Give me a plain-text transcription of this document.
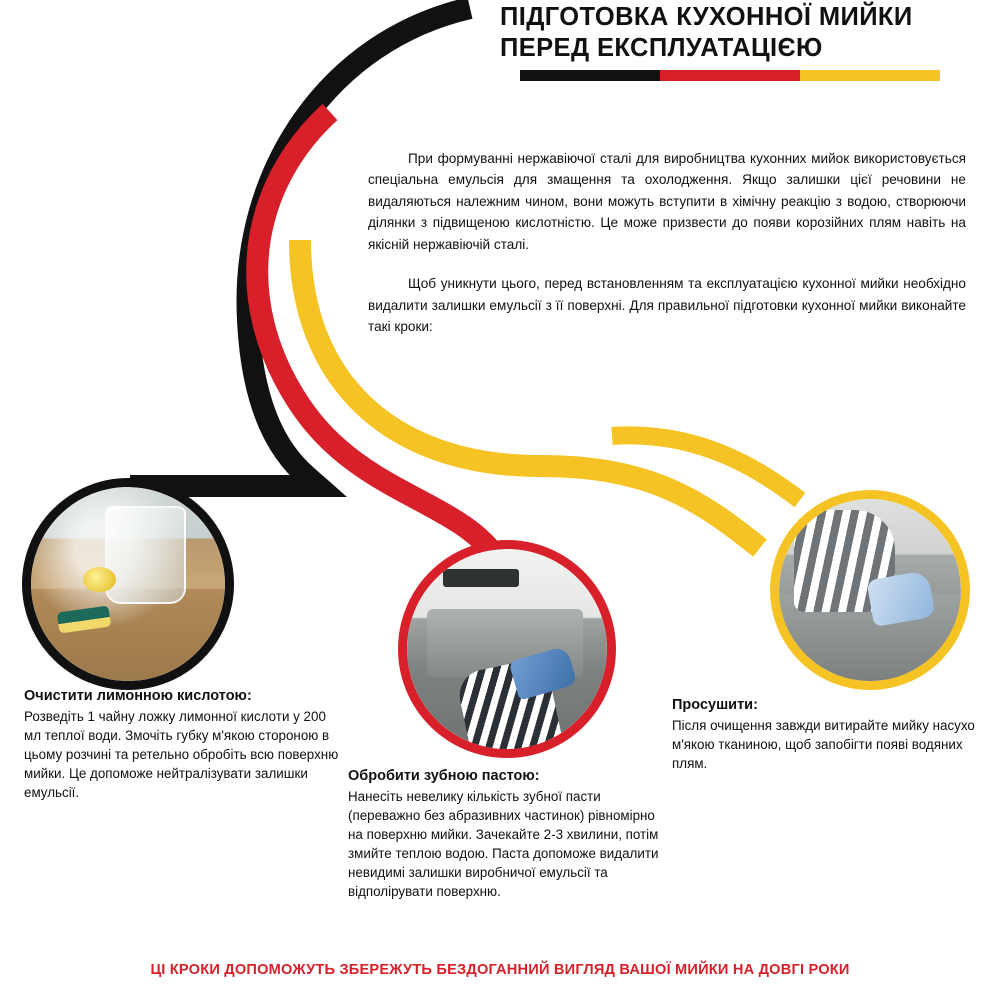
ПІДГОТОВКА КУХОННОЇ МИЙКИ
ПЕРЕД ЕКСПЛУАТАЦІЄЮ

При формуванні нержавіючої сталі для виробництва кухонних мийок використовується спеціальна емульсія для змащення та охолодження. Якщо залишки цієї речовини не видаляються належним чином, вони можуть вступити в хімічну реакцію з водою, створюючи ділянки з підвищеною кислотністю. Це може призвести до появи корозійних плям навіть на якісній нержавіючій сталі.

Щоб уникнути цього, перед встановленням та експлуатацією кухонної мийки необхідно видалити залишки емульсії з її поверхні. Для правильної підготовки кухонної мийки виконайте такі кроки:

Очистити лимонною кислотою:
Розведіть 1 чайну ложку лимонної кислоти у 200 мл теплої води. Змочіть губку м'якою стороною в цьому розчині та ретельно обробіть всю поверхню мийки. Це допоможе нейтралізувати залишки емульсії.
Обробити зубною пастою:
Нанесіть невелику кількість зубної пасти (переважно без абразивних частинок) рівномірно на поверхню мийки. Зачекайте 2-3 хвилини, потім змийте теплою водою. Паста допоможе видалити невидимі залишки виробничої емульсії та відполірувати поверхню.
Просушити:
Після очищення завжди витирайте мийку насухо м'якою тканиною, щоб запобігти появі водяних плям.
ЦІ КРОКИ ДОПОМОЖУТЬ ЗБЕРЕЖУТЬ БЕЗДОГАННИЙ ВИГЛЯД ВАШОЇ МИЙКИ НА ДОВГІ РОКИ
